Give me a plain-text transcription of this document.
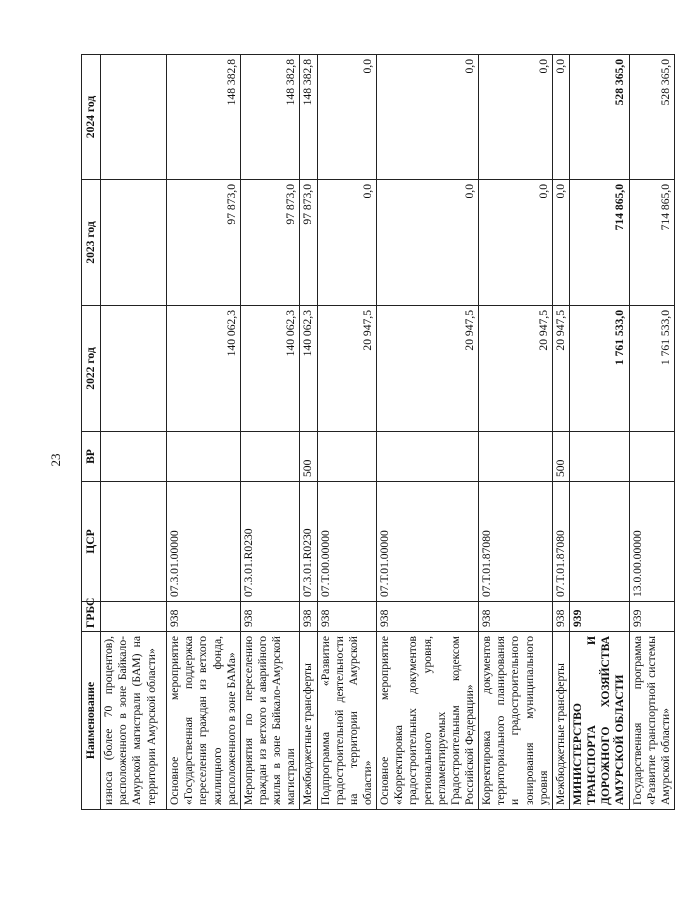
23
Наименование	ГРБС	ЦСР	ВР	2022 год	2023 год	2024 год
износа (более 70 процентов), расположенного в зоне Байкало-Амурской магистрали (БАМ) на территории Амурской области»						
Основное мероприятие «Государственная поддержка переселения граждан из ветхого жилищного фонда, расположенного в зоне БАМа»	938	07.3.01.00000		140 062,3	97 873,0	148 382,8
Мероприятия по переселению граждан из ветхого и аварийного жилья в зоне Байкало-Амурской магистрали	938	07.3.01.R0230		140 062,3	97 873,0	148 382,8
Межбюджетные трансферты	938	07.3.01.R0230	500	140 062,3	97 873,0	148 382,8
Подпрограмма «Развитие градостроительной деятельности на территории Амурской области»	938	07.Т.00.00000		20 947,5	0,0	0,0
Основное мероприятие «Корректировка градостроительных документов регионального уровня, регламентируемых Градостроительным кодексом Российской Федерации»	938	07.Т.01.00000		20 947,5	0,0	0,0
Корректировка документов территориального планирования и градостроительного зонирования муниципального уровня	938	07.Т.01.87080		20 947,5	0,0	0,0
Межбюджетные трансферты	938	07.Т.01.87080	500	20 947,5	0,0	0,0
МИНИСТЕРСТВО ТРАНСПОРТА И ДОРОЖНОГО ХОЗЯЙСТВА АМУРСКОЙ ОБЛАСТИ	939			1 761 533,0	714 865,0	528 365,0
Государственная программа «Развитие транспортной системы Амурской области»	939	13.0.00.00000		1 761 533,0	714 865,0	528 365,0
